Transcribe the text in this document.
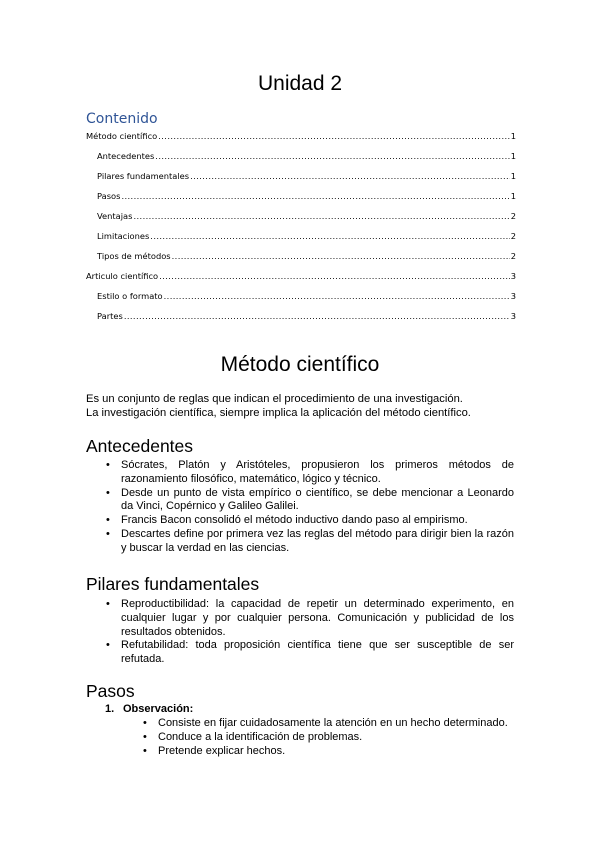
Unidad 2
Contenido
Método científico .....	1
Antecedentes .....	1
Pilares fundamentales .....	1
Pasos .....	1
Ventajas .....	2
Limitaciones .....	2
Tipos de métodos .....	2
Articulo científico .....	3
Estilo o formato .....	3
Partes .....	3
Método científico
Es un conjunto de reglas que indican el procedimiento de una investigación.
La investigación científica, siempre implica la aplicación del método científico.
Antecedentes
• Sócrates, Platón y Aristóteles, propusieron los primeros métodos de razonamiento filosófico, matemático, lógico y técnico.
• Desde un punto de vista empírico o científico, se debe mencionar a Leonardo da Vinci, Copérnico y Galileo Galilei.
• Francis Bacon consolidó el método inductivo dando paso al empirismo.
• Descartes define por primera vez las reglas del método para dirigir bien la razón y buscar la verdad en las ciencias.
Pilares fundamentales
• Reproductibilidad: la capacidad de repetir un determinado experimento, en cualquier lugar y por cualquier persona. Comunicación y publicidad de los resultados obtenidos.
• Refutabilidad: toda proposición científica tiene que ser susceptible de ser refutada.
Pasos
1. Observación:
• Consiste en fijar cuidadosamente la atención en un hecho determinado.
• Conduce a la identificación de problemas.
• Pretende explicar hechos.
